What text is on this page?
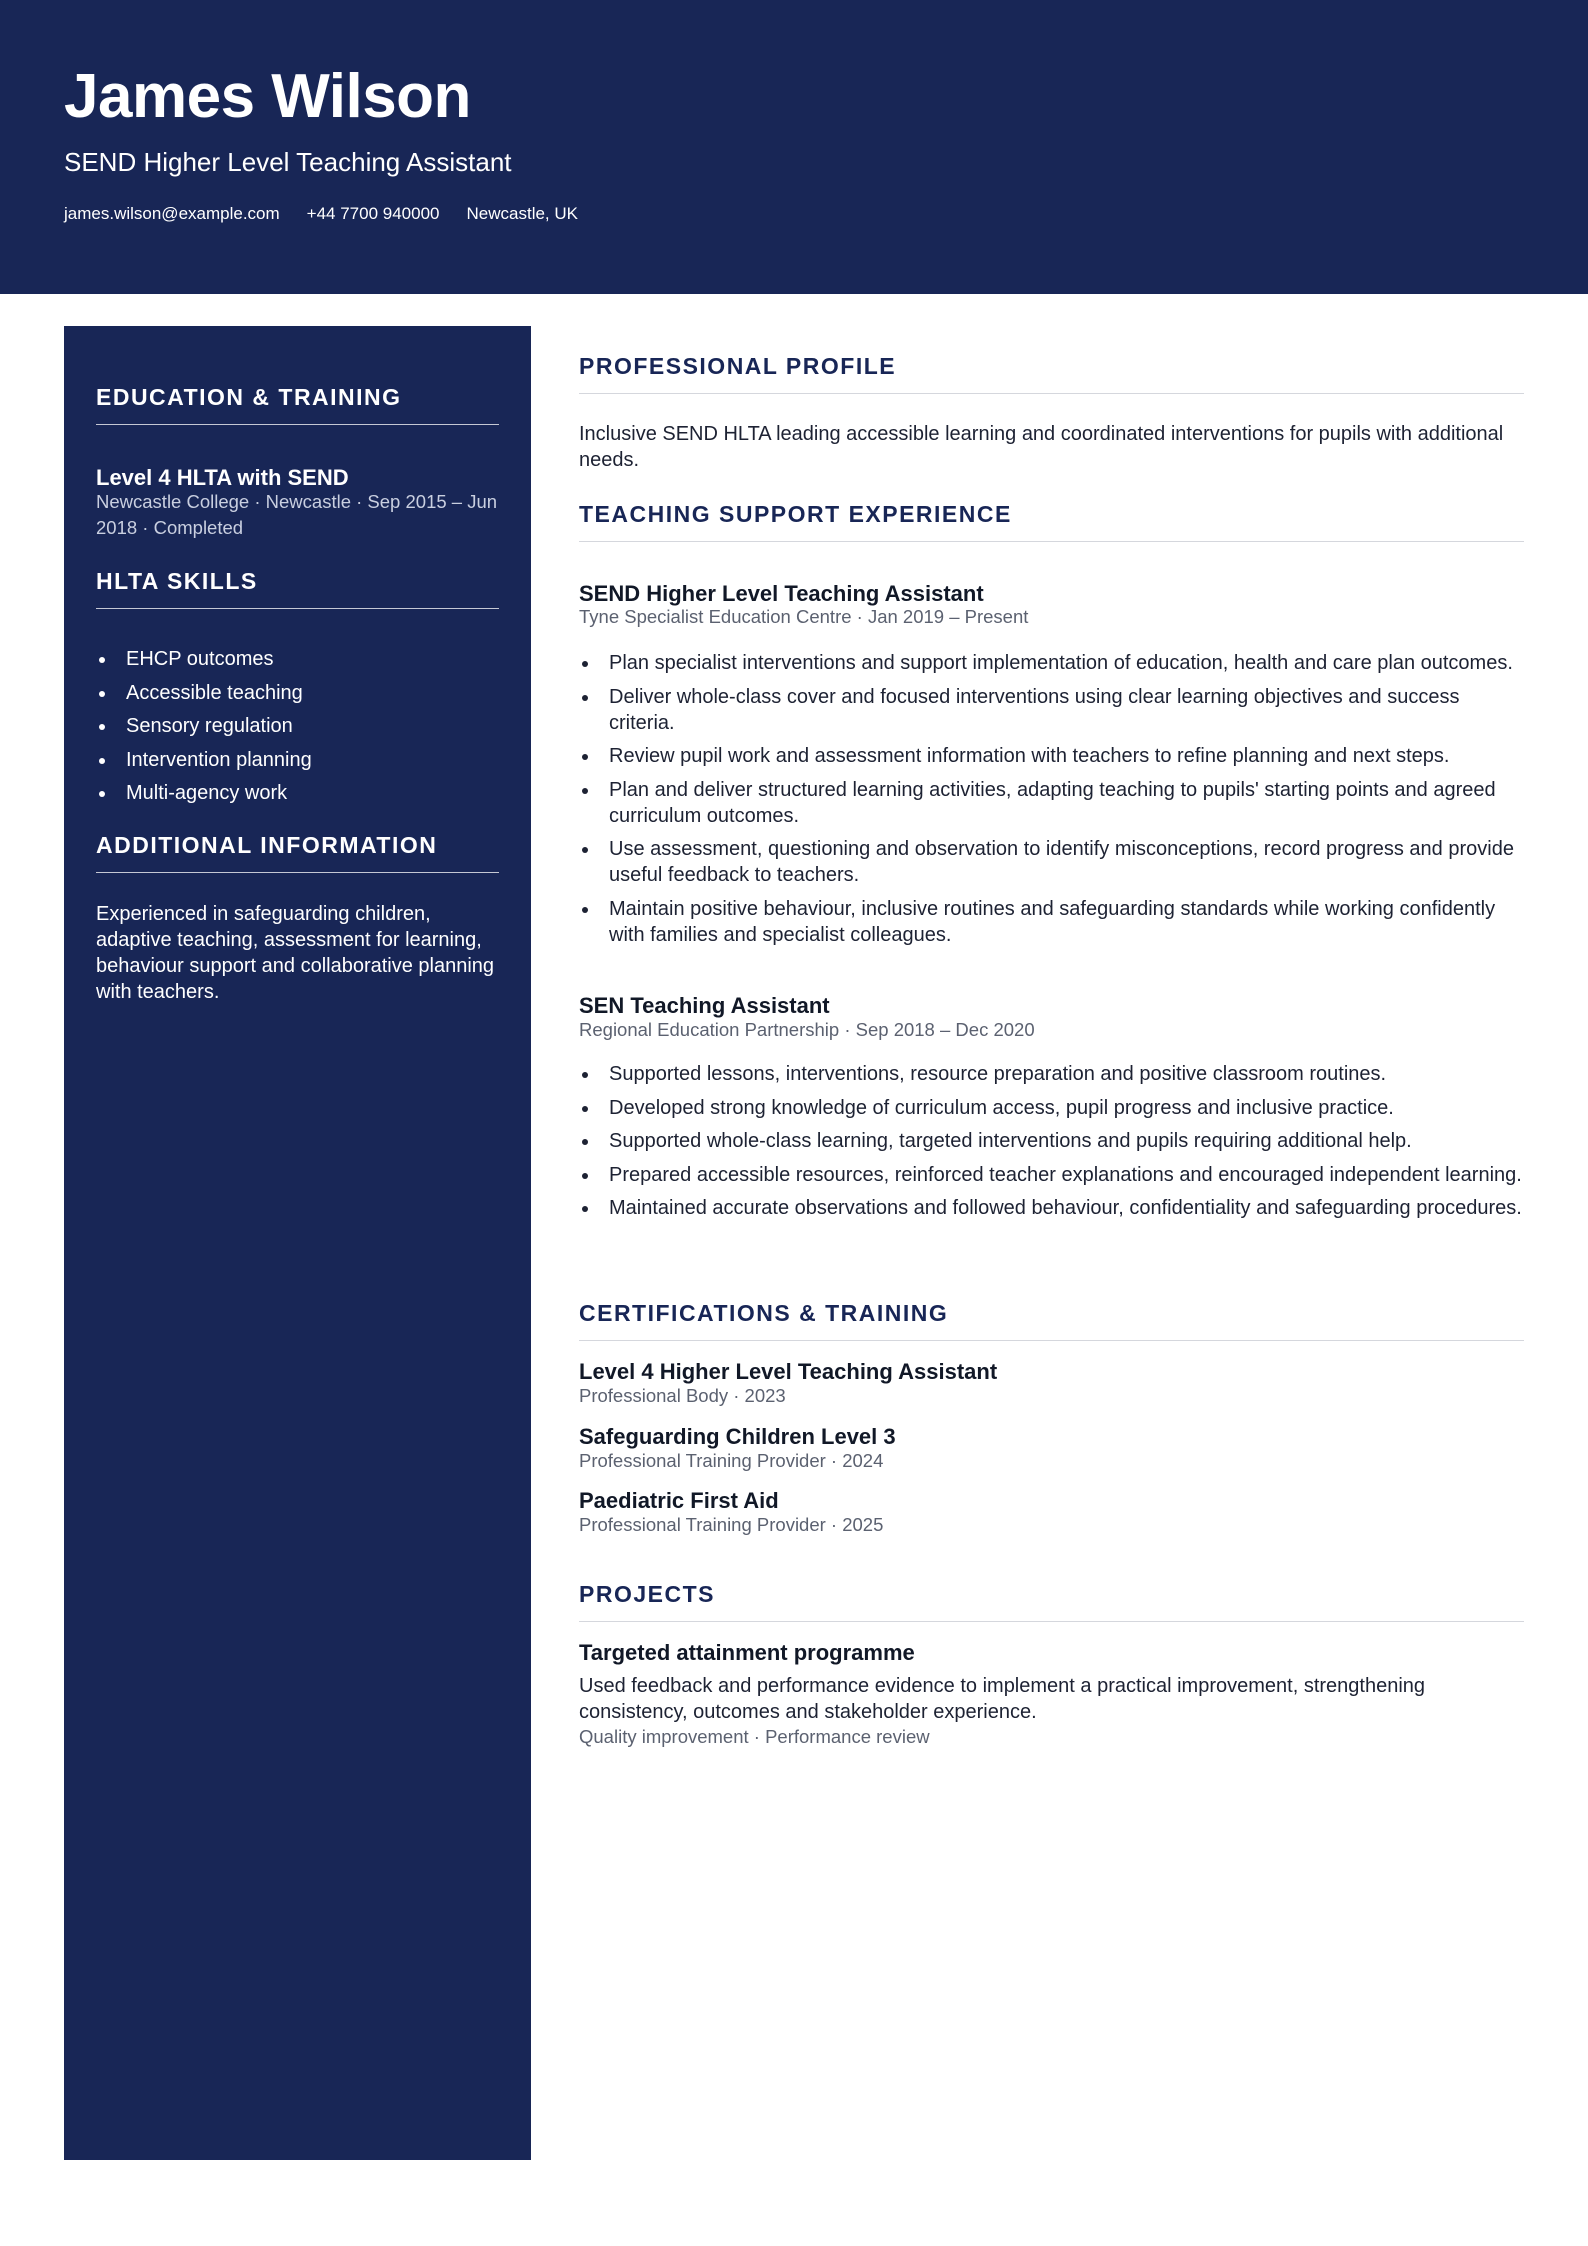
James Wilson
SEND Higher Level Teaching Assistant
james.wilson@example.com +44 7700 940000 Newcastle, UK
EDUCATION & TRAINING
Level 4 HLTA with SEND
Newcastle College · Newcastle · Sep 2015 – Jun 2018 · Completed
HLTA SKILLS
EHCP outcomes
Accessible teaching
Sensory regulation
Intervention planning
Multi-agency work
ADDITIONAL INFORMATION
Experienced in safeguarding children, adaptive teaching, assessment for learning, behaviour support and collaborative planning with teachers.
PROFESSIONAL PROFILE
Inclusive SEND HLTA leading accessible learning and coordinated interventions for pupils with additional needs.
TEACHING SUPPORT EXPERIENCE
SEND Higher Level Teaching Assistant
Tyne Specialist Education Centre · Jan 2019 – Present
Plan specialist interventions and support implementation of education, health and care plan outcomes.
Deliver whole-class cover and focused interventions using clear learning objectives and success criteria.
Review pupil work and assessment information with teachers to refine planning and next steps.
Plan and deliver structured learning activities, adapting teaching to pupils' starting points and agreed curriculum outcomes.
Use assessment, questioning and observation to identify misconceptions, record progress and provide useful feedback to teachers.
Maintain positive behaviour, inclusive routines and safeguarding standards while working confidently with families and specialist colleagues.
SEN Teaching Assistant
Regional Education Partnership · Sep 2018 – Dec 2020
Supported lessons, interventions, resource preparation and positive classroom routines.
Developed strong knowledge of curriculum access, pupil progress and inclusive practice.
Supported whole-class learning, targeted interventions and pupils requiring additional help.
Prepared accessible resources, reinforced teacher explanations and encouraged independent learning.
Maintained accurate observations and followed behaviour, confidentiality and safeguarding procedures.
CERTIFICATIONS & TRAINING
Level 4 Higher Level Teaching Assistant
Professional Body · 2023
Safeguarding Children Level 3
Professional Training Provider · 2024
Paediatric First Aid
Professional Training Provider · 2025
PROJECTS
Targeted attainment programme
Used feedback and performance evidence to implement a practical improvement, strengthening consistency, outcomes and stakeholder experience.
Quality improvement · Performance review
